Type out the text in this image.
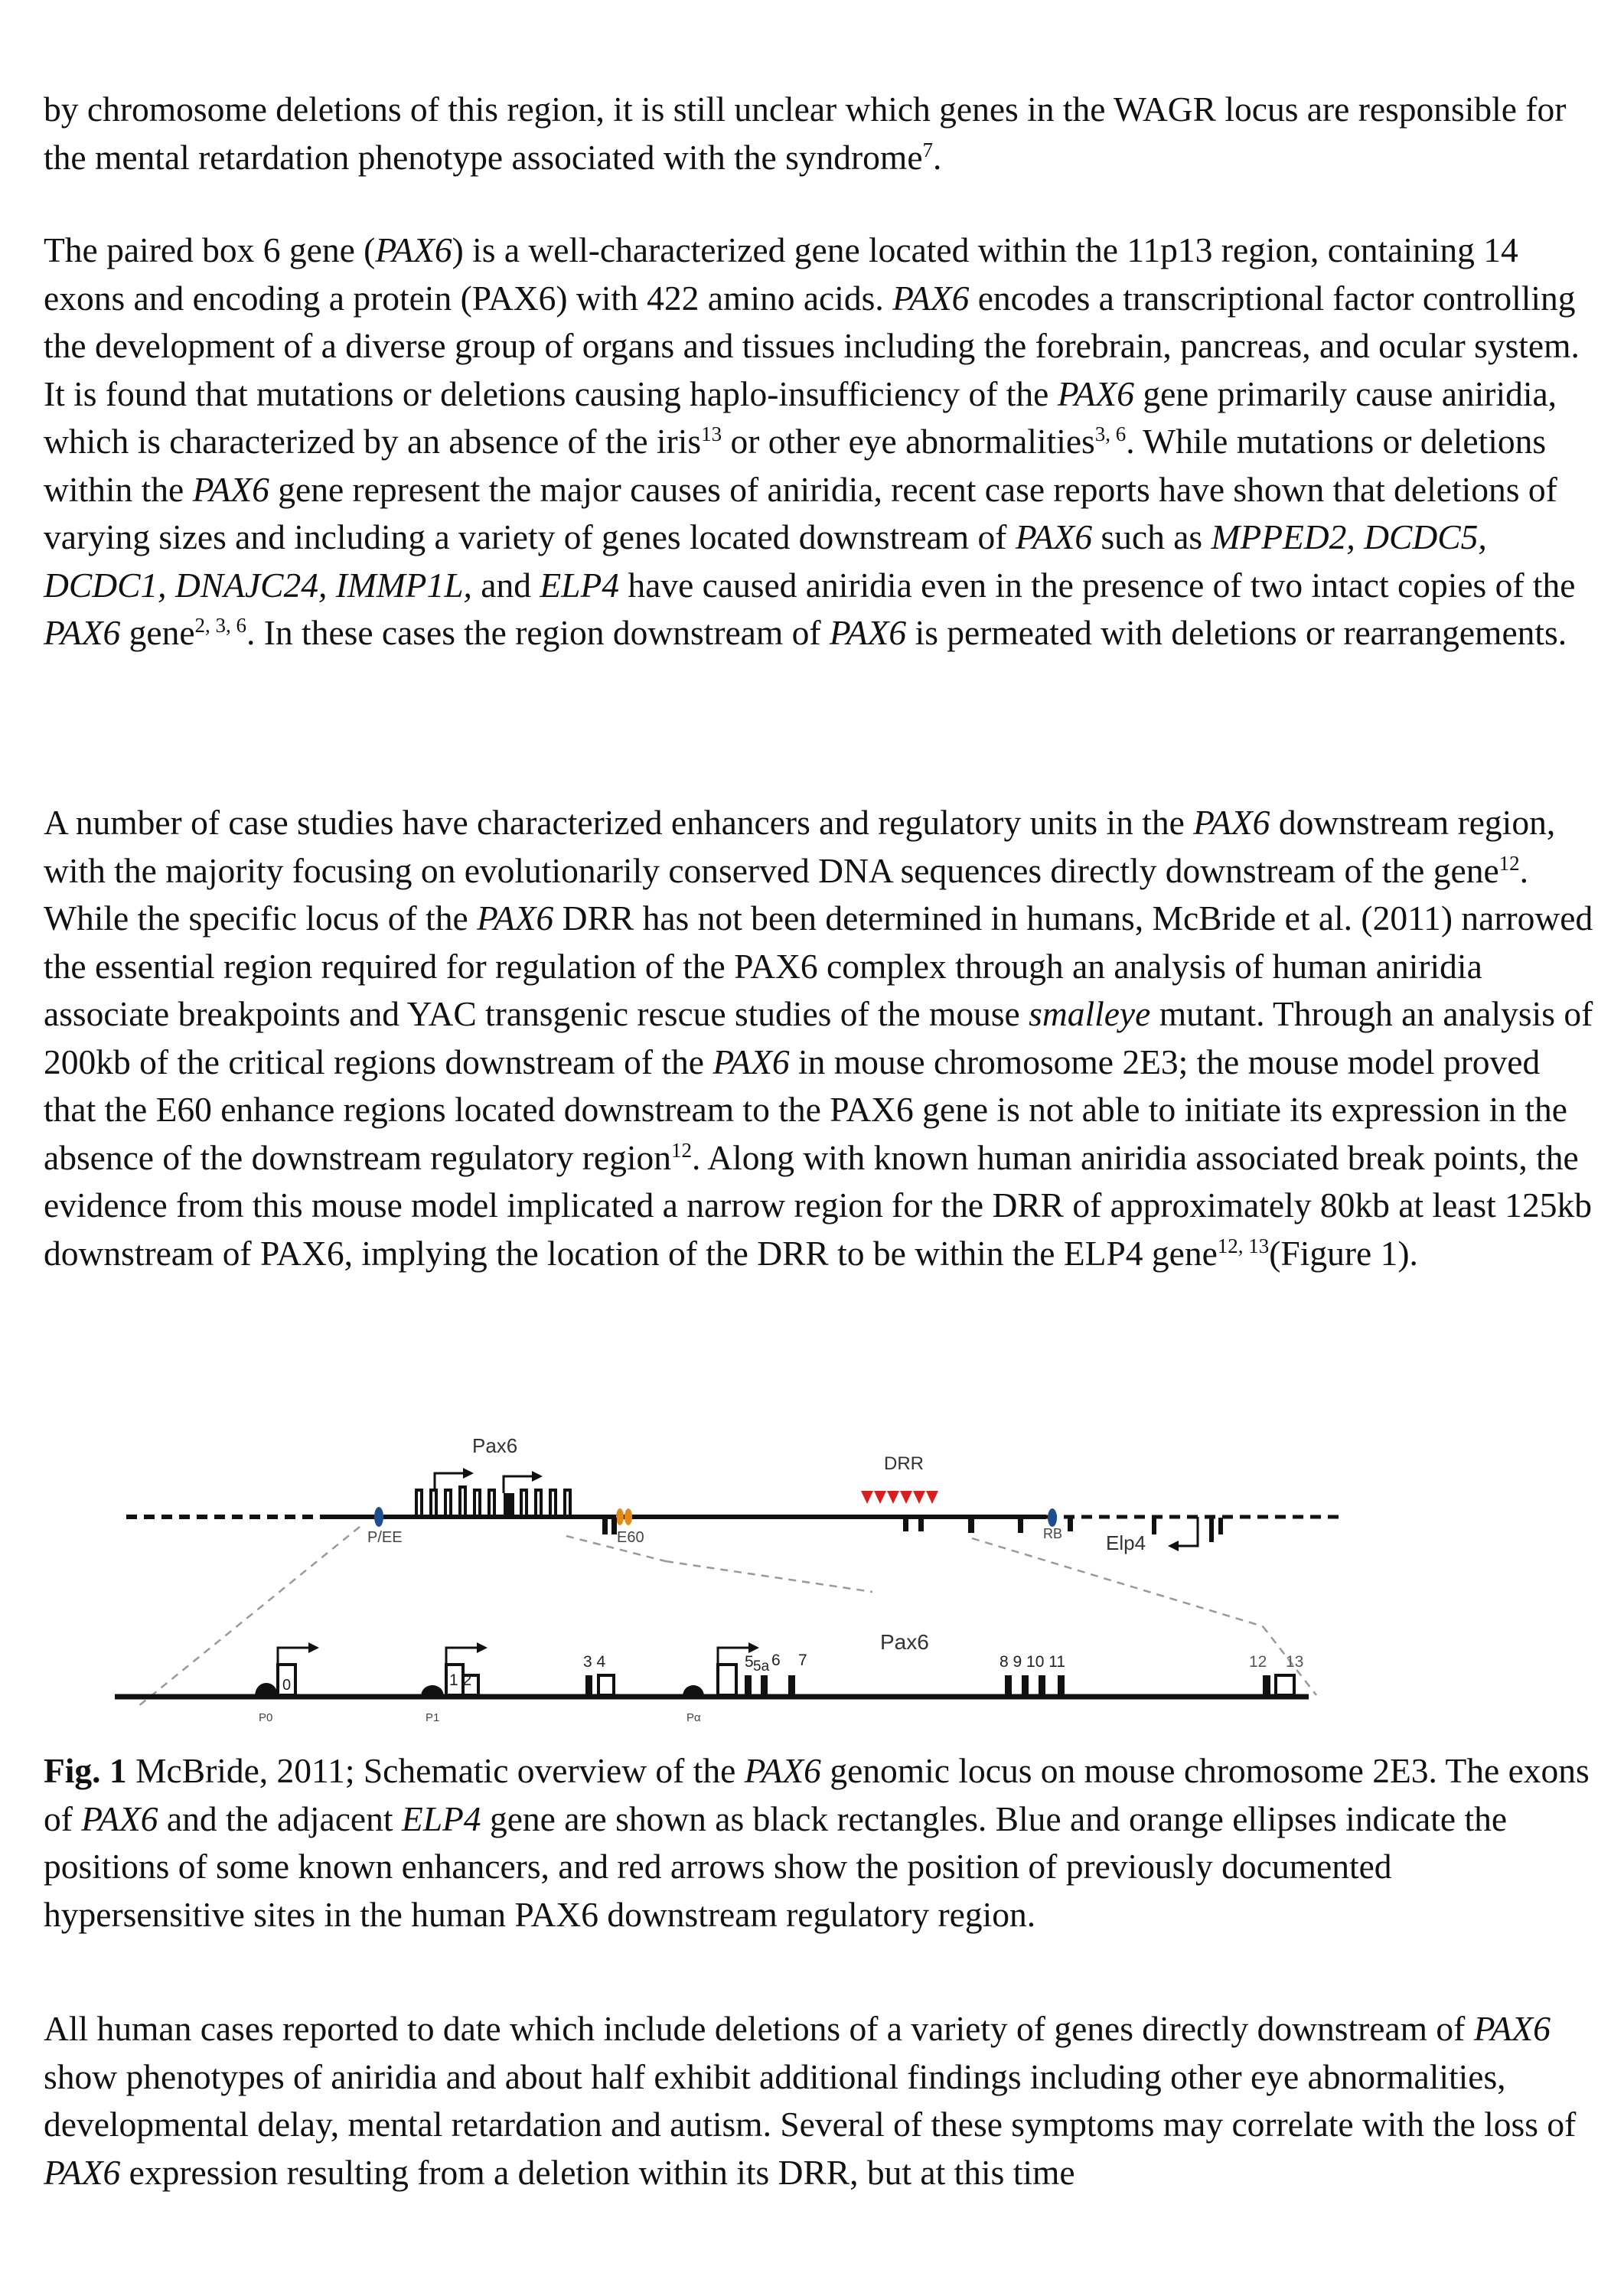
by chromosome deletions of this region, it is still unclear which genes in the WAGR locus are responsible for the mental retardation phenotype associated with the syndrome$^7$.

The paired box 6 gene (PAX6) is a well-characterized gene located within the 11p13 region, containing 14 exons and encoding a protein (PAX6) with 422 amino acids. PAX6 encodes a transcriptional factor controlling the development of a diverse group of organs and tissues including the forebrain, pancreas, and ocular system. It is found that mutations or deletions causing haplo-insufficiency of the PAX6 gene primarily cause aniridia, which is characterized by an absence of the iris$^{13}$ or other eye abnormalities$^{3, 6}$. While mutations or deletions within the PAX6 gene represent the major causes of aniridia, recent case reports have shown that deletions of varying sizes and including a variety of genes located downstream of PAX6 such as MPPED2, DCDC5, DCDC1, DNAJC24, IMMP1L, and ELP4 have caused aniridia even in the presence of two intact copies of the PAX6 gene$^{2, 3, 6}$. In these cases the region downstream of PAX6 is permeated with deletions or rearrangements.

A number of case studies have characterized enhancers and regulatory units in the PAX6 downstream region, with the majority focusing on evolutionarily conserved DNA sequences directly downstream of the gene$^{12}$. While the specific locus of the PAX6 DRR has not been determined in humans, McBride et al. (2011) narrowed the essential region required for regulation of the PAX6 complex through an analysis of human aniridia associate breakpoints and YAC transgenic rescue studies of the mouse smalleye mutant. Through an analysis of 200kb of the critical regions downstream of the PAX6 in mouse chromosome 2E3; the mouse model proved that the E60 enhance regions located downstream to the PAX6 gene is not able to initiate its expression in the absence of the downstream regulatory region$^{12}$. Along with known human aniridia associated break points, the evidence from this mouse model implicated a narrow region for the DRR of approximately 80kb at least 125kb downstream of PAX6, implying the location of the DRR to be within the ELP4 gene$^{12, 13}$(Figure 1).

Pax6
DRR
P/EE	E60	RB Elp4
0	1 2
3 4	5 5a 6 7
Pax6
8 9 10 11	12 13
P0	P1	Pα

Fig. 1 McBride, 2011; Schematic overview of the PAX6 genomic locus on mouse chromosome 2E3. The exons of PAX6 and the adjacent ELP4 gene are shown as black rectangles. Blue and orange ellipses indicate the positions of some known enhancers, and red arrows show the position of previously documented hypersensitive sites in the human PAX6 downstream regulatory region.

All human cases reported to date which include deletions of a variety of genes directly downstream of PAX6 show phenotypes of aniridia and about half exhibit additional findings including other eye abnormalities, developmental delay, mental retardation and autism. Several of these symptoms may correlate with the loss of PAX6 expression resulting from a deletion within its DRR, but at this time
